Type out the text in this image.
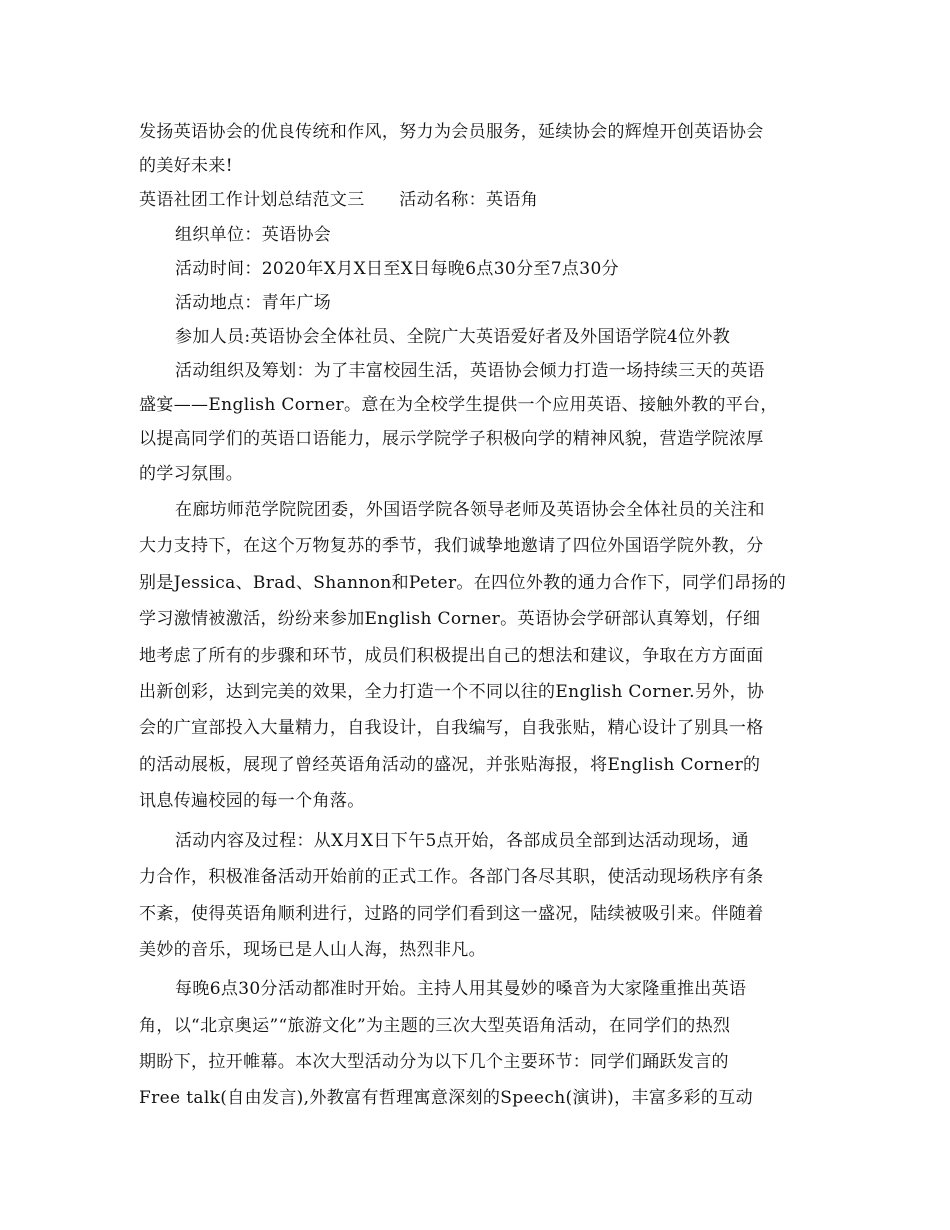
发扬英语协会的优良传统和作风，努力为会员服务，延续协会的辉煌开创英语协会
的美好未来!
英语社团工作计划总结范文三　　活动名称：英语角
组织单位：英语协会
活动时间：2020年X月X日至X日每晚6点30分至7点30分
活动地点：青年广场
参加人员:英语协会全体社员、全院广大英语爱好者及外国语学院4位外教
活动组织及筹划：为了丰富校园生活，英语协会倾力打造一场持续三天的英语
盛宴——English Corner。意在为全校学生提供一个应用英语、接触外教的平台，
以提高同学们的英语口语能力，展示学院学子积极向学的精神风貌，营造学院浓厚
的学习氛围。
在廊坊师范学院院团委，外国语学院各领导老师及英语协会全体社员的关注和
大力支持下，在这个万物复苏的季节，我们诚挚地邀请了四位外国语学院外教，分
别是Jessica、Brad、Shannon和Peter。在四位外教的通力合作下，同学们昂扬的
学习激情被激活，纷纷来参加English Corner。英语协会学研部认真筹划，仔细
地考虑了所有的步骤和环节，成员们积极提出自己的想法和建议，争取在方方面面
出新创彩，达到完美的效果，全力打造一个不同以往的English Corner.另外，协
会的广宣部投入大量精力，自我设计，自我编写，自我张贴，精心设计了别具一格
的活动展板，展现了曾经英语角活动的盛况，并张贴海报，将English Corner的
讯息传遍校园的每一个角落。
活动内容及过程：从X月X日下午5点开始，各部成员全部到达活动现场，通
力合作，积极准备活动开始前的正式工作。各部门各尽其职，使活动现场秩序有条
不紊，使得英语角顺利进行，过路的同学们看到这一盛况，陆续被吸引来。伴随着
美妙的音乐，现场已是人山人海，热烈非凡。
每晚6点30分活动都准时开始。主持人用其曼妙的嗓音为大家隆重推出英语
角，以“北京奥运”“旅游文化”为主题的三次大型英语角活动，在同学们的热烈
期盼下，拉开帷幕。本次大型活动分为以下几个主要环节：同学们踊跃发言的
Free talk(自由发言),外教富有哲理寓意深刻的Speech(演讲)，丰富多彩的互动
